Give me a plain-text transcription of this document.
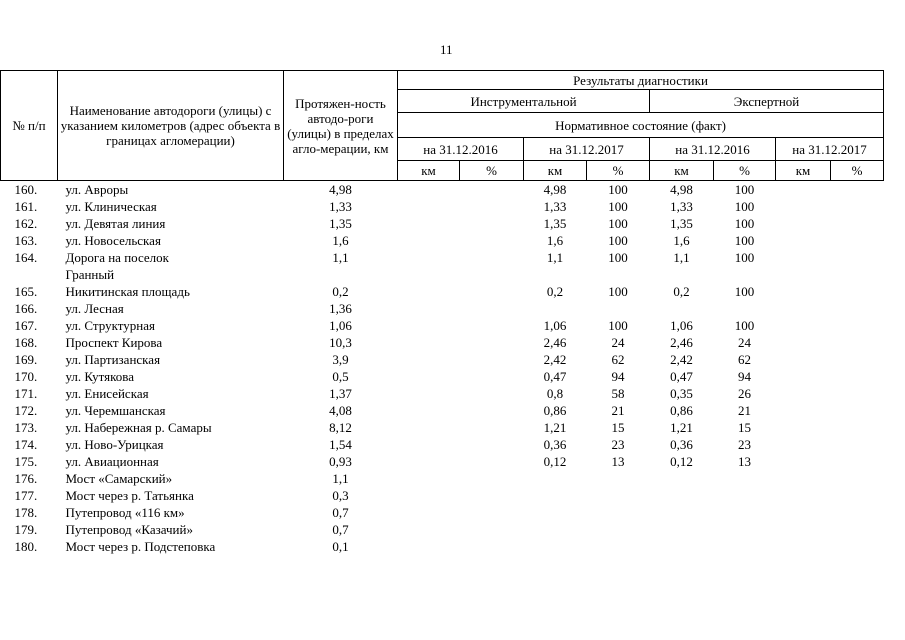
11
№ п/п	Наименование автодороги (улицы) с указанием километров (адрес объекта в границах агломерации)	Протяжен-ность автодо-роги (улицы) в пределах агло-мерации, км	Результаты диагностики							
			Инструментальной				Экспертной			
			Нормативное состояние (факт)							
			на 31.12.2016		на 31.12.2017		на 31.12.2016		на 31.12.2017	
			км	%	км	%	км	%	км	%
160.	ул. Авроры	4,98			4,98	100	4,98	100		
161.	ул. Клиническая	1,33			1,33	100	1,33	100		
162.	ул. Девятая линия	1,35			1,35	100	1,35	100		
163.	ул. Новосельская	1,6			1,6	100	1,6	100		
164.	Дорога на поселок	1,1			1,1	100	1,1	100		
	Гранный									
165.	Никитинская площадь	0,2			0,2	100	0,2	100		
166.	ул. Лесная	1,36								
167.	ул. Структурная	1,06			1,06	100	1,06	100		
168.	Проспект Кирова	10,3			2,46	24	2,46	24		
169.	ул. Партизанская	3,9			2,42	62	2,42	62		
170.	ул. Кутякова	0,5			0,47	94	0,47	94		
171.	ул. Енисейская	1,37			0,8	58	0,35	26		
172.	ул. Черемшанская	4,08			0,86	21	0,86	21		
173.	ул. Набережная р. Самары	8,12			1,21	15	1,21	15		
174.	ул. Ново-Урицкая	1,54			0,36	23	0,36	23		
175.	ул. Авиационная	0,93			0,12	13	0,12	13		
176.	Мост «Самарский»	1,1								
177.	Мост через р. Татьянка	0,3								
178.	Путепровод «116 км»	0,7								
179.	Путепровод «Казачий»	0,7								
180.	Мост через р. Подстеповка	0,1								
